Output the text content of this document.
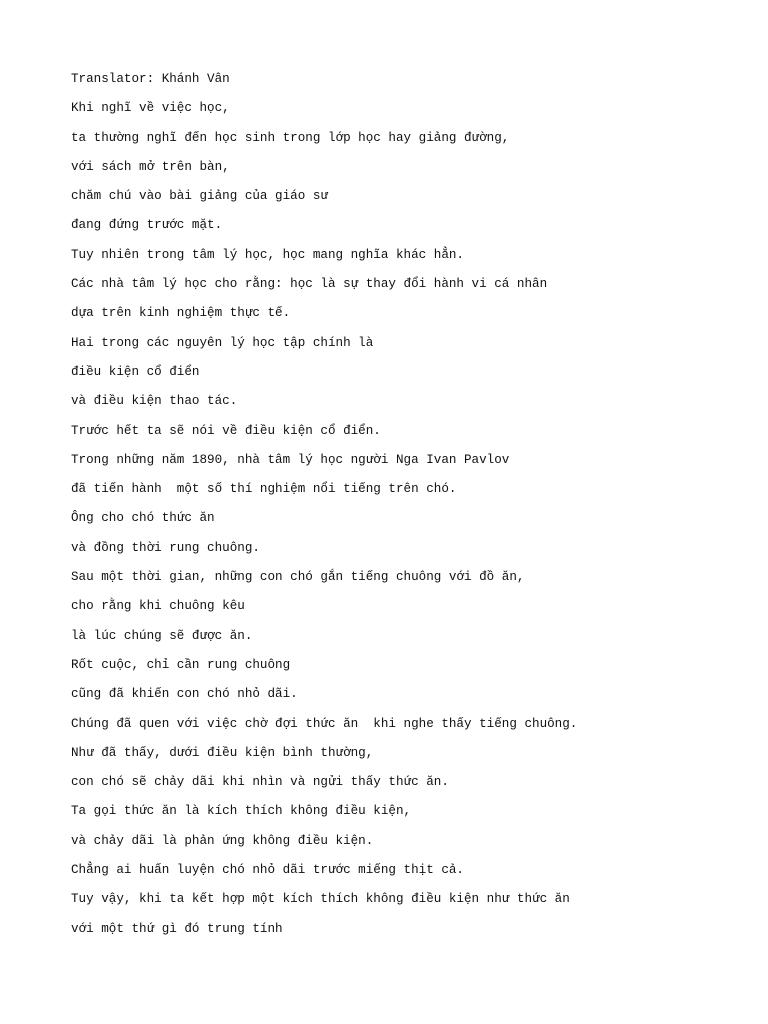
Translator: Khánh Vân
Khi nghĩ về việc học,
ta thường nghĩ đến học sinh trong lớp học hay giảng đường,
với sách mở trên bàn,
chăm chú vào bài giảng của giáo sư
đang đứng trước mặt.
Tuy nhiên trong tâm lý học, học mang nghĩa khác hẳn.
Các nhà tâm lý học cho rằng: học là sự thay đổi hành vi cá nhân
dựa trên kinh nghiệm thực tế.
Hai trong các nguyên lý học tập chính là
điều kiện cổ điển
và điều kiện thao tác.
Trước hết ta sẽ nói về điều kiện cổ điển.
Trong những năm 1890, nhà tâm lý học người Nga Ivan Pavlov
đã tiến hành  một số thí nghiệm nổi tiếng trên chó.
Ông cho chó thức ăn
và đồng thời rung chuông.
Sau một thời gian, những con chó gắn tiếng chuông với đồ ăn,
cho rằng khi chuông kêu
là lúc chúng sẽ được ăn.
Rốt cuộc, chỉ cần rung chuông
cũng đã khiến con chó nhỏ dãi.
Chúng đã quen với việc chờ đợi thức ăn  khi nghe thấy tiếng chuông.
Như đã thấy, dưới điều kiện bình thường,
con chó sẽ chảy dãi khi nhìn và ngửi thấy thức ăn.
Ta gọi thức ăn là kích thích không điều kiện,
và chảy dãi là phản ứng không điều kiện.
Chẳng ai huấn luyện chó nhỏ dãi trước miếng thịt cả.
Tuy vậy, khi ta kết hợp một kích thích không điều kiện như thức ăn
với một thứ gì đó trung tính
